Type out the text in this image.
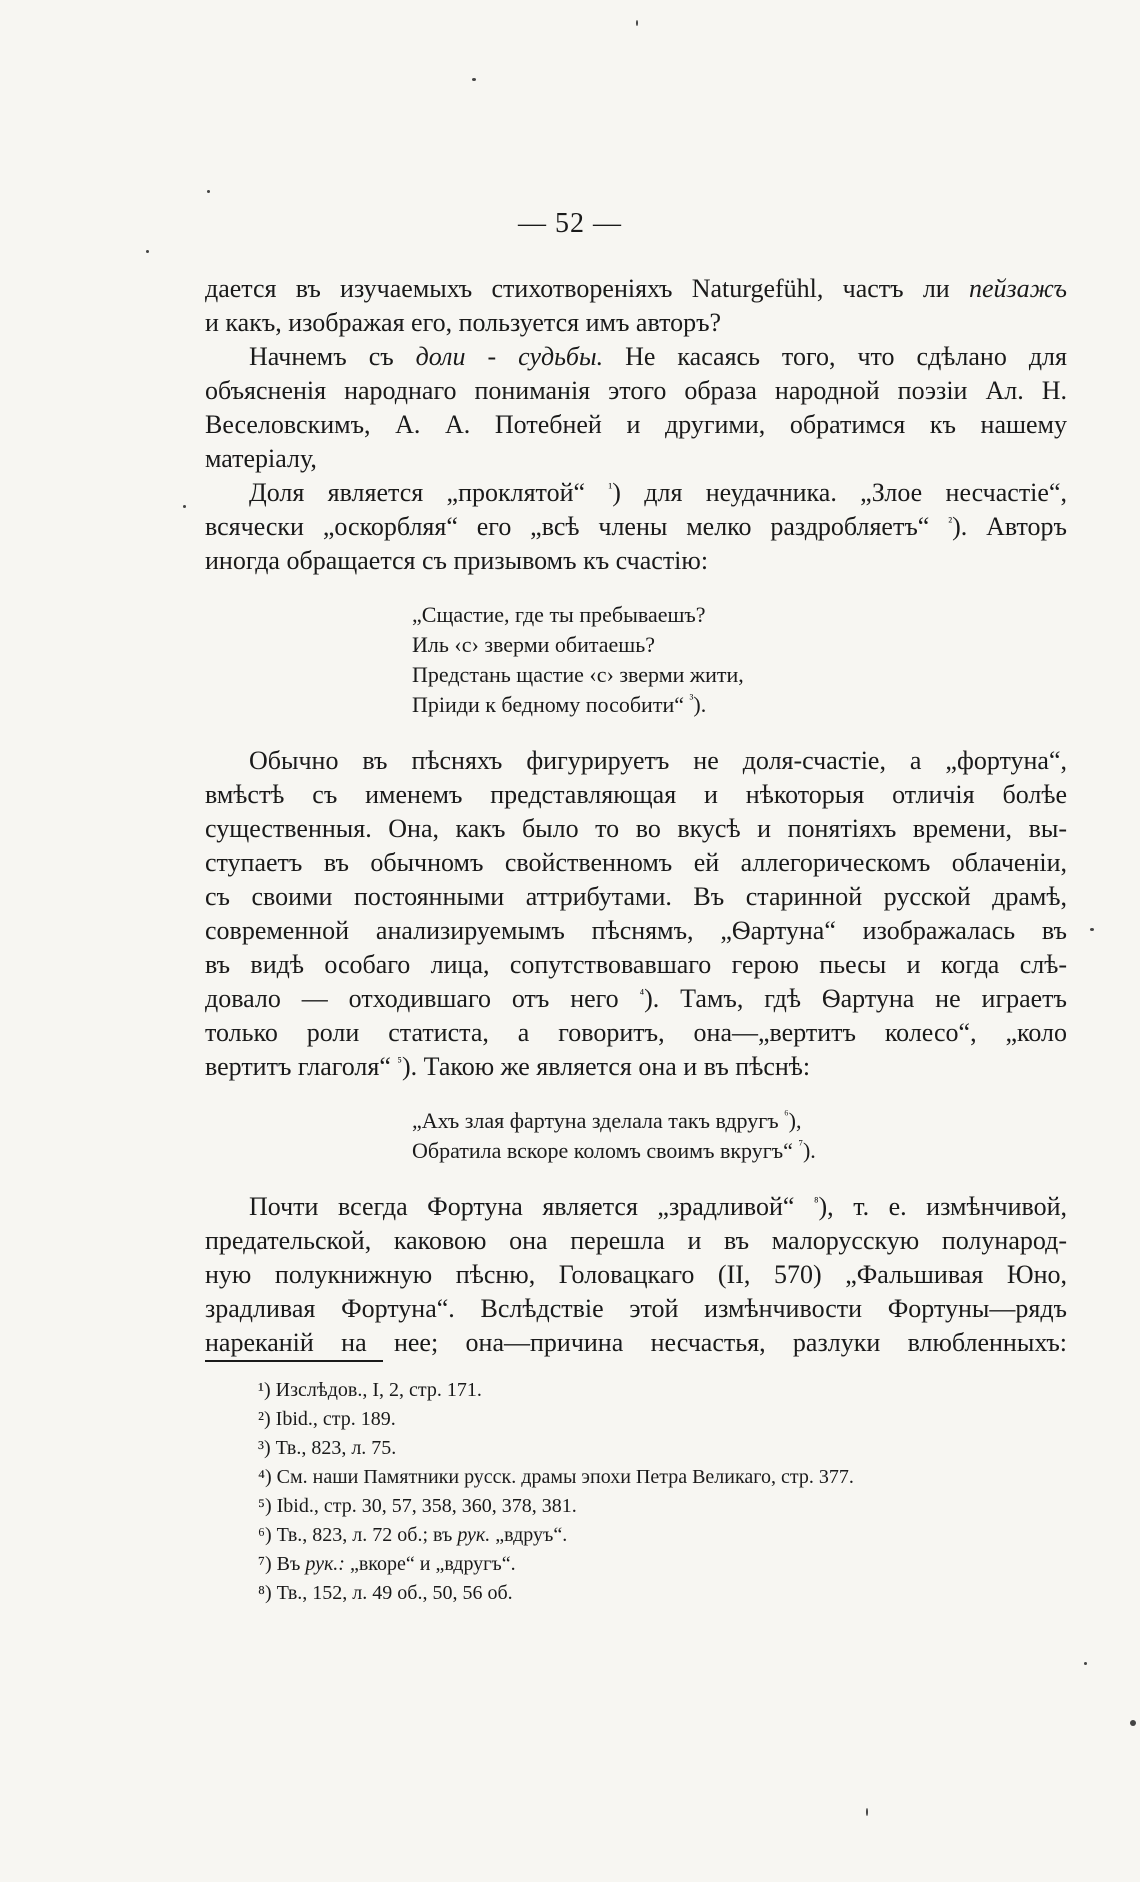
— 52 —

дается въ изучаемыхъ стихотвореніяхъ Naturgefühl, частъ ли пейзажъ
и какъ, изображая его, пользуется имъ авторъ?

Начнемъ съ доли - судьбы. Не касаясь того, что сдѣлано для
объясненія народнаго пониманія этого образа народной поэзіи Ал. Н.
Веселовскимъ, А. А. Потебней и другими, обратимся къ нашему
матеріалу,

Доля является „проклятой“ $^{^1}$) для неудачника. „Злое несчастіе“,
всячески „оскорбляя“ его „всѣ члены мелко раздробляетъ“ $^{^2}$). Авторъ
иногда обращается съ призывомъ къ счастію:

„Сщастие, где ты пребываешъ?
Иль ‹с› зверми обитаешь?
Предстань щастие ‹с› зверми жити,
Пріиди к бедному пособити“ $^{^3}$).

Обычно въ пѣсняхъ фигурируетъ не доля-счастіе, а „фортуна“,
вмѣстѣ съ именемъ представляющая и нѣкоторыя отличія болѣе
существенныя. Она, какъ было то во вкусѣ и понятіяхъ времени, вы-
ступаетъ въ обычномъ свойственномъ ей аллегорическомъ облаченіи,
съ своими постоянными аттрибутами. Въ старинной русской драмѣ,
современной анализируемымъ пѣснямъ, „Ѳартуна“ изображалась въ
въ видѣ особаго лица, сопутствовавшаго герою пьесы и когда слѣ-
довало — отходившаго отъ него $^{^4}$). Тамъ, гдѣ Ѳартуна не играетъ
только роли статиста, а говоритъ, она—„вертитъ колесо“, „коло
вертитъ глаголя“ $^{^5}$). Такою же является она и въ пѣснѣ:

„Ахъ злая фартуна зделала такъ вдругъ $^{^6}$),
Обратила вскоре коломъ своимъ вкругъ“ $^{^7}$).

Почти всегда Фортуна является „зрадливой“ $^{^8}$), т. е. измѣнчивой,
предательской, каковою она перешла и въ малорусскую полународ-
ную полукнижную пѣсню, Головацкаго (II, 570) „Фальшивая Юно,
зрадливая Фортуна“. Вслѣдствіе этой измѣнчивости Фортуны—рядъ
нареканій на нее; она—причина несчастья, разлуки влюбленныхъ:

¹) Изслѣдов., I, 2, стр. 171.
²) Ibid., стр. 189.
³) Тв., 823, л. 75.
⁴) См. наши Памятники русск. драмы эпохи Петра Великаго, стр. 377.
⁵) Ibid., стр. 30, 57, 358, 360, 378, 381.
⁶) Тв., 823, л. 72 об.; въ рук. „вдруъ“.
⁷) Въ рук.: „вкоре“ и „вдругъ“.
⁸) Тв., 152, л. 49 об., 50, 56 об.
